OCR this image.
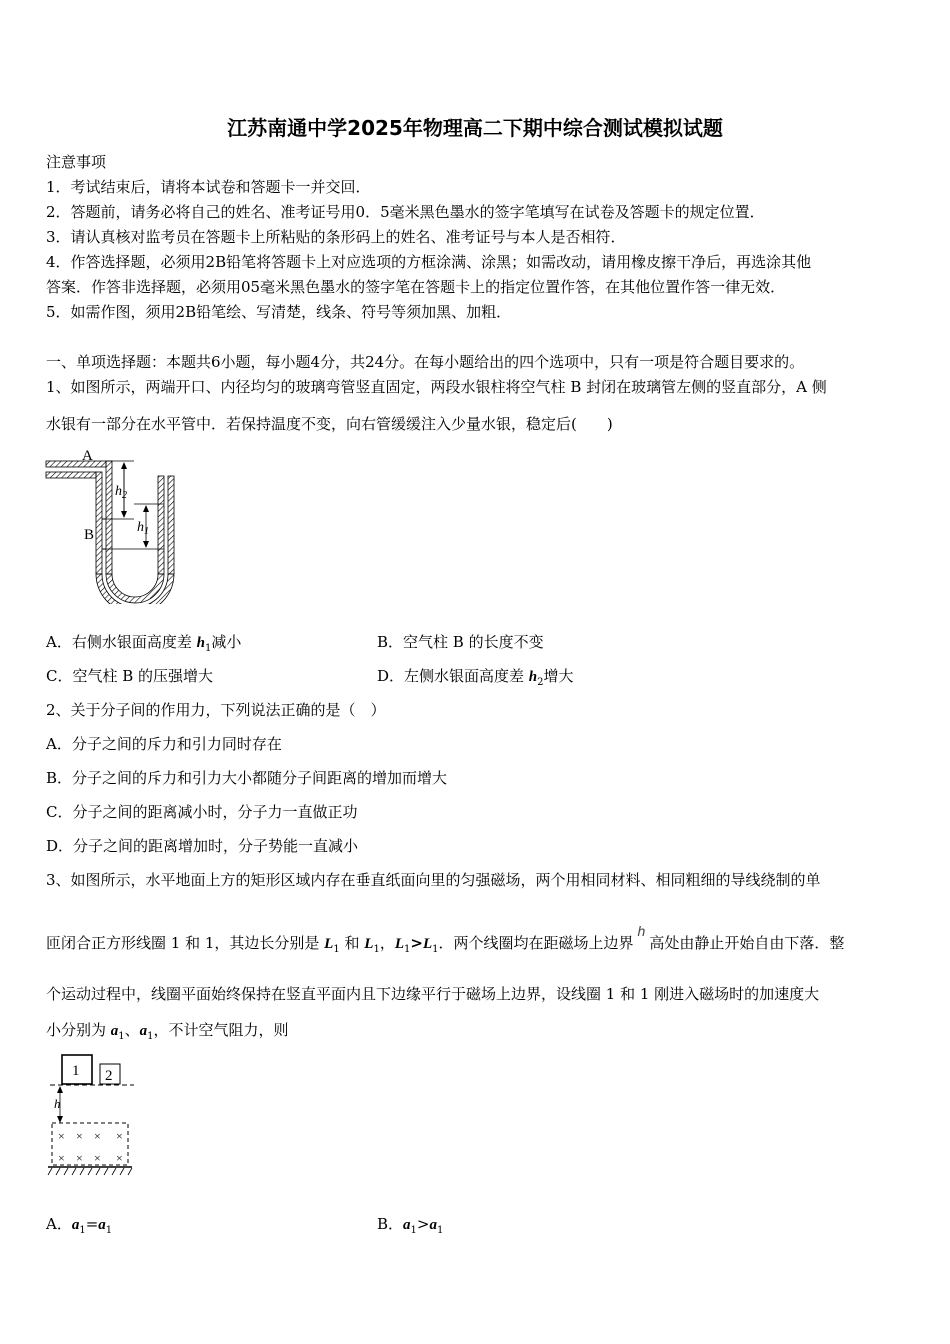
江苏南通中学2025年物理高二下期中综合测试模拟试题
注意事项
1．考试结束后，请将本试卷和答题卡一并交回．
2．答题前，请务必将自己的姓名、准考证号用0．5毫米黑色墨水的签字笔填写在试卷及答题卡的规定位置．
3．请认真核对监考员在答题卡上所粘贴的条形码上的姓名、准考证号与本人是否相符．
4．作答选择题，必须用2B铅笔将答题卡上对应选项的方框涂满、涂黑；如需改动，请用橡皮擦干净后，再选涂其他
答案．作答非选择题，必须用05毫米黑色墨水的签字笔在答题卡上的指定位置作答，在其他位置作答一律无效．
5．如需作图，须用2B铅笔绘、写清楚，线条、符号等须加黑、加粗．
一、单项选择题：本题共6小题，每小题4分，共24分。在每小题给出的四个选项中，只有一项是符合题目要求的。
1、如图所示，两端开口、内径均匀的玻璃弯管竖直固定，两段水银柱将空气柱 B 封闭在玻璃管左侧的竖直部分，A 侧
水银有一部分在水平管中．若保持温度不变，向右管缓缓注入少量水银，稳定后(　　)
A
B
$h_2$
$h_1$
A．右侧水银面高度差 $h_1$减小	B．空气柱 B 的长度不变
C．空气柱 B 的压强增大	D．左侧水银面高度差 $h_2$增大
2、关于分子间的作用力，下列说法正确的是（　）
A．分子之间的斥力和引力同时存在
B．分子之间的斥力和引力大小都随分子间距离的增加而增大
C．分子之间的距离减小时，分子力一直做正功
D．分子之间的距离增加时，分子势能一直减小
3、如图所示，水平地面上方的矩形区域内存在垂直纸面向里的匀强磁场，两个用相同材料、相同粗细的导线绕制的单
匝闭合正方形线圈 1 和 1，其边长分别是 $L_1$ 和 $L_1$，$L_1>L_1$．两个线圈均在距磁场上边界h高处由静止开始自由下落．整
个运动过程中，线圈平面始终保持在竖直平面内且下边缘平行于磁场上边界，设线圈 1 和 1 刚进入磁场时的加速度大
小分别为 $a_1$、$a_1$，不计空气阻力，则
1 2
h
× × × ×
× × × ×
A．$a_1=a_1$	B．$a_1>a_1$
